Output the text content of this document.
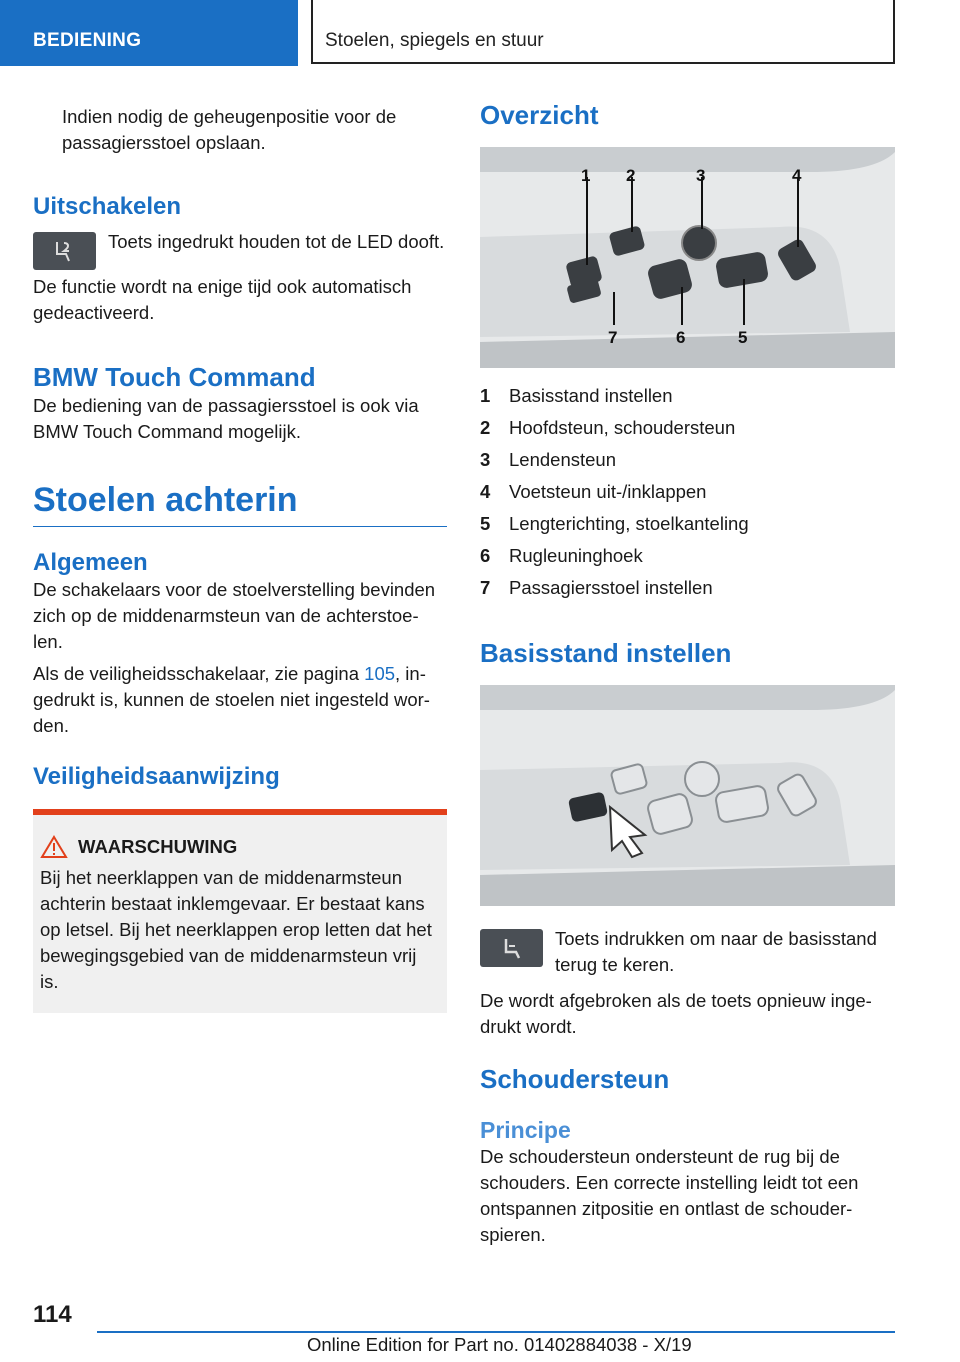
BEDIENING	Stoelen, spiegels en stuur

Indien nodig de geheugenpositie voor de passagiersstoel opslaan.

Uitschakelen

Toets ingedrukt houden tot de LED dooft.

De functie wordt na enige tijd ook automatisch gedeactiveerd.

BMW Touch Command

De bediening van de passagiersstoel is ook via BMW Touch Command mogelijk.

Stoelen achterin
Algemeen

De schakelaars voor de stoelverstelling bevinden zich op de middenarmsteun van de achterstoe-len.

Als de veiligheidsschakelaar, zie pagina 105, in-gedrukt is, kunnen de stoelen niet ingesteld wor-den.

Veiligheidsaanwijzing
WAARSCHUWING

Bij het neerklappen van de middenarmsteun achterin bestaat inklemgevaar. Er bestaat kans op letsel. Bij het neerklappen erop letten dat het bewegingsgebied van de middenarmsteun vrij is.

Overzicht
1 2	3	4
7	6	5
1	Basisstand instellen
2	Hoofdsteun, schoudersteun
3	Lendensteun
4	Voetsteun uit-/inklappen
5	Lengterichting, stoelkanteling
6	Rugleuninghoek
7	Passagiersstoel instellen
Basisstand instellen

Toets indrukken om naar de basisstand terug te keren.

De wordt afgebroken als de toets opnieuw inge-drukt wordt.

Schoudersteun
Principe

De schoudersteun ondersteunt de rug bij de schouders. Een correcte instelling leidt tot een ontspannen zitpositie en ontlast de schouder-spieren.

114
Online Edition for Part no. 01402884038 - X/19
